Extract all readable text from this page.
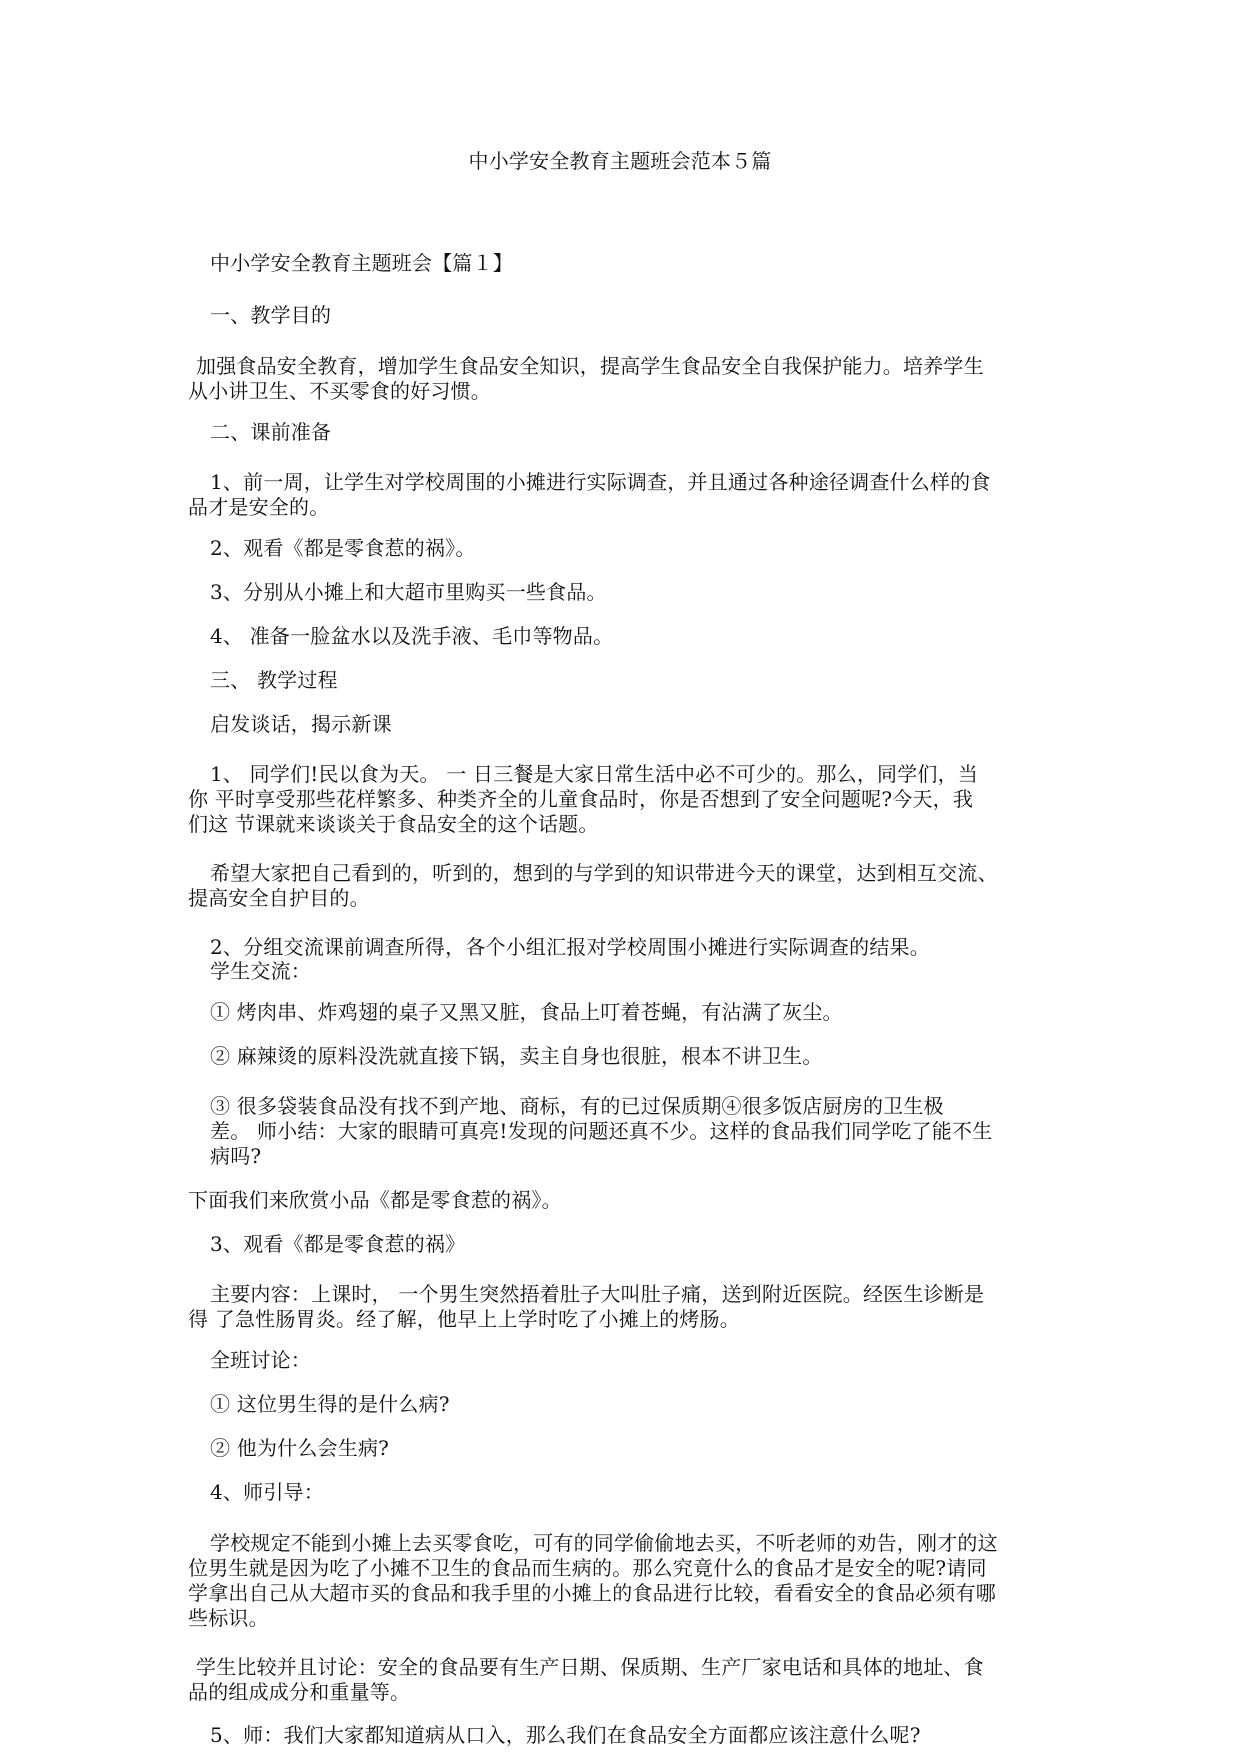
中小学安全教育主题班会范本５篇
中小学安全教育主题班会【篇１】
一、教学目的
加强食品安全教育，增加学生食品安全知识，提高学生食品安全自我保护能力。培养学生
从小讲卫生、不买零食的好习惯。
二、课前准备
1、前一周，让学生对学校周围的小摊进行实际调查，并且通过各种途径调查什么样的食
品才是安全的。
2、观看《都是零食惹的祸》。
3、分别从小摊上和大超市里购买一些食品。
4、 准备一脸盆水以及洗手液、毛巾等物品。
三、 教学过程
启发谈话，揭示新课
1、 同学们!民以食为天。 一 日三餐是大家日常生活中必不可少的。那么，同学们，当
你 平时享受那些花样繁多、种类齐全的儿童食品时，你是否想到了安全问题呢?今天，我
们这 节课就来谈谈关于食品安全的这个话题。
希望大家把自己看到的，听到的，想到的与学到的知识带进今天的课堂，达到相互交流、
提高安全自护目的。
2、分组交流课前调查所得，各个小组汇报对学校周围小摊进行实际调查的结果。
学生交流：
① 烤肉串、炸鸡翅的桌子又黑又脏，食品上叮着苍蝇，有沾满了灰尘。
② 麻辣烫的原料没洗就直接下锅，卖主自身也很脏，根本不讲卫生。
③ 很多袋装食品没有找不到产地、商标，有的已过保质期④很多饭店厨房的卫生极
差。 师小结：大家的眼睛可真亮!发现的问题还真不少。这样的食品我们同学吃了能不生
病吗?
下面我们来欣赏小品《都是零食惹的祸》。
3、观看《都是零食惹的祸》
主要内容：上课时， 一个男生突然捂着肚子大叫肚子痛，送到附近医院。经医生诊断是
得 了急性肠胃炎。经了解，他早上上学时吃了小摊上的烤肠。
全班讨论：
① 这位男生得的是什么病?
② 他为什么会生病?
4、师引导：
学校规定不能到小摊上去买零食吃，可有的同学偷偷地去买，不听老师的劝告，刚才的这
位男生就是因为吃了小摊不卫生的食品而生病的。那么究竟什么的食品才是安全的呢?请同
学拿出自己从大超市买的食品和我手里的小摊上的食品进行比较，看看安全的食品必须有哪
些标识。
学生比较并且讨论：安全的食品要有生产日期、保质期、生产厂家电话和具体的地址、食
品的组成成分和重量等。
5、师：我们大家都知道病从口入，那么我们在食品安全方面都应该注意什么呢?
